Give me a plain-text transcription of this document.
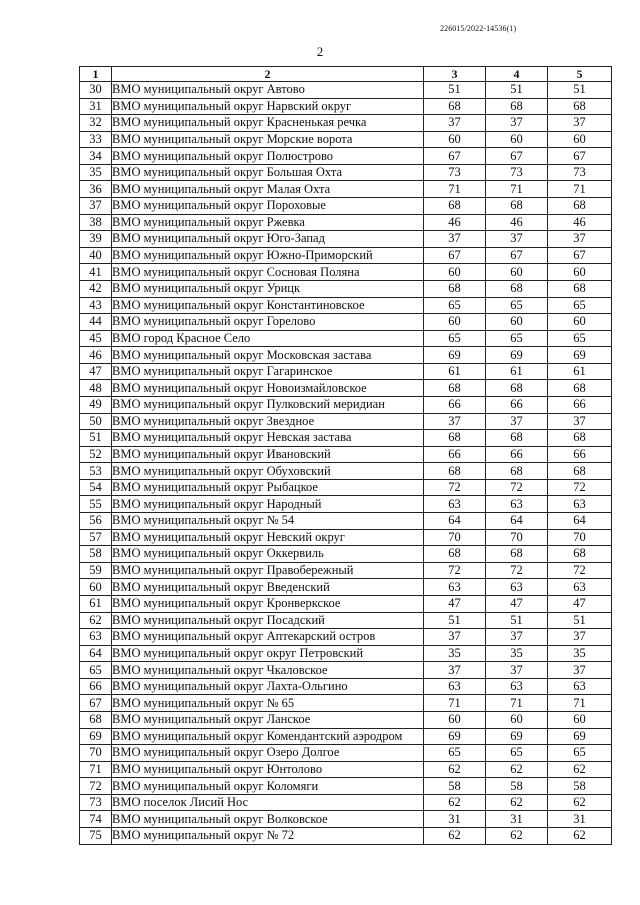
226015/2022-14536(1)
2
1	2	3	4	5
30	ВМО муниципальный округ Автово	51	51	51
31	ВМО муниципальный округ Нарвский округ	68	68	68
32	ВМО муниципальный округ Красненькая речка	37	37	37
33	ВМО муниципальный округ Морские ворота	60	60	60
34	ВМО муниципальный округ Полюстрово	67	67	67
35	ВМО муниципальный округ Большая Охта	73	73	73
36	ВМО муниципальный округ Малая Охта	71	71	71
37	ВМО муниципальный округ Пороховые	68	68	68
38	ВМО муниципальный округ Ржевка	46	46	46
39	ВМО муниципальный округ Юго-Запад	37	37	37
40	ВМО муниципальный округ Южно-Приморский	67	67	67
41	ВМО муниципальный округ Сосновая Поляна	60	60	60
42	ВМО муниципальный округ Урицк	68	68	68
43	ВМО муниципальный округ Константиновское	65	65	65
44	ВМО муниципальный округ Горелово	60	60	60
45	ВМО город Красное Село	65	65	65
46	ВМО муниципальный округ Московская застава	69	69	69
47	ВМО муниципальный округ Гагаринское	61	61	61
48	ВМО муниципальный округ Новоизмайловское	68	68	68
49	ВМО муниципальный округ Пулковский меридиан	66	66	66
50	ВМО муниципальный округ Звездное	37	37	37
51	ВМО муниципальный округ Невская застава	68	68	68
52	ВМО муниципальный округ Ивановский	66	66	66
53	ВМО муниципальный округ Обуховский	68	68	68
54	ВМО муниципальный округ Рыбацкое	72	72	72
55	ВМО муниципальный округ Народный	63	63	63
56	ВМО муниципальный округ № 54	64	64	64
57	ВМО муниципальный округ Невский округ	70	70	70
58	ВМО муниципальный округ Оккервиль	68	68	68
59	ВМО муниципальный округ Правобережный	72	72	72
60	ВМО муниципальный округ Введенский	63	63	63
61	ВМО муниципальный округ Кронверкское	47	47	47
62	ВМО муниципальный округ Посадский	51	51	51
63	ВМО муниципальный округ Аптекарский остров	37	37	37
64	ВМО муниципальный округ округ Петровский	35	35	35
65	ВМО муниципальный округ Чкаловское	37	37	37
66	ВМО муниципальный округ Лахта-Ольгино	63	63	63
67	ВМО муниципальный округ № 65	71	71	71
68	ВМО муниципальный округ Ланское	60	60	60
69	ВМО муниципальный округ Комендантский аэродром	69	69	69
70	ВМО муниципальный округ Озеро Долгое	65	65	65
71	ВМО муниципальный округ Юнтолово	62	62	62
72	ВМО муниципальный округ Коломяги	58	58	58
73	ВМО поселок Лисий Нос	62	62	62
74	ВМО муниципальный округ Волковское	31	31	31
75	ВМО муниципальный округ № 72	62	62	62
